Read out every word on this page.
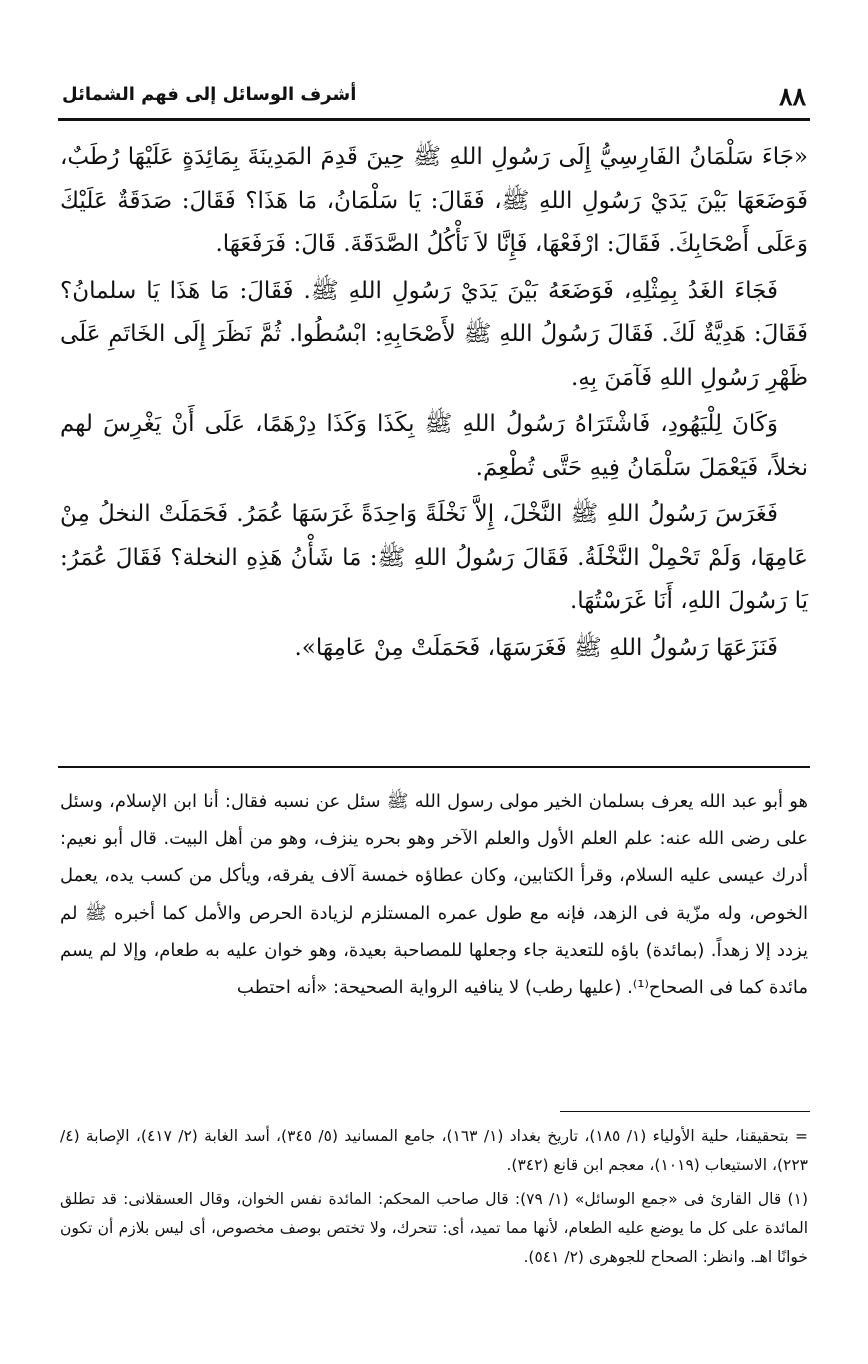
٨٨
أشرف الوسائل إلى فهم الشمائل

«جَاءَ سَلْمَانُ الفَارِسِيُّ إِلَى رَسُولِ اللهِ ﷺ حِينَ قَدِمَ المَدِينَةَ بِمَائِدَةٍ عَلَيْهَا رُطَبٌ، فَوَضَعَهَا بَيْنَ يَدَيْ رَسُولِ اللهِ ﷺ، فَقَالَ: يَا سَلْمَانُ، مَا هَذَا؟ فَقَالَ: صَدَقَةٌ عَلَيْكَ وَعَلَى أَصْحَابِكَ. فَقَالَ: ارْفَعْهَا، فَإِنَّا لاَ نَأْكُلُ الصَّدَقَةَ. قَالَ: فَرَفَعَهَا.

فَجَاءَ الغَدُ بِمِثْلِهِ، فَوَضَعَهُ بَيْنَ يَدَيْ رَسُولِ اللهِ ﷺ. فَقَالَ: مَا هَذَا يَا سلمانُ؟ فَقَالَ: هَدِيَّةٌ لَكَ. فَقَالَ رَسُولُ اللهِ ﷺ لأَصْحَابِهِ: ابْسُطُوا. ثُمَّ نَظَرَ إِلَى الخَاتَمِ عَلَى ظَهْرِ رَسُولِ اللهِ فَآمَنَ بِهِ.

وَكَانَ لِلْيَهُودِ، فَاشْتَرَاهُ رَسُولُ اللهِ ﷺ بِكَذَا وَكَذَا دِرْهَمًا، عَلَى أَنْ يَغْرِسَ لهم نخلاً، فَيَعْمَلَ سَلْمَانُ فِيهِ حَتَّى تُطْعِمَ.

فَغَرَسَ رَسُولُ اللهِ ﷺ النَّخْلَ، إِلاَّ نَخْلَةً وَاحِدَةً غَرَسَهَا عُمَرُ. فَحَمَلَتْ النخلُ مِنْ عَامِهَا، وَلَمْ تَحْمِلْ النَّخْلَةُ. فَقَالَ رَسُولُ اللهِ ﷺ: مَا شَأْنُ هَذِهِ النخلة؟ فَقَالَ عُمَرُ: يَا رَسُولَ اللهِ، أَنَا غَرَسْتُهَا.

فَنَزَعَهَا رَسُولُ اللهِ ﷺ فَغَرَسَهَا، فَحَمَلَتْ مِنْ عَامِهَا».

هو أبو عبد الله يعرف بسلمان الخير مولى رسول الله ﷺ سئل عن نسبه فقال: أنا ابن الإسلام، وسئل على رضى الله عنه: علم العلم الأول والعلم الآخر وهو بحره ينزف، وهو من أهل البيت. قال أبو نعيم: أدرك عيسى عليه السلام، وقرأ الكتابين، وكان عطاؤه خمسة آلاف يفرقه، ويأكل من كسب يده، يعمل الخوص، وله مزّية فى الزهد، فإنه مع طول عمره المستلزم لزيادة الحرص والأمل كما أخبره ﷺ لم يزدد إلا زهداً. (بمائدة) باؤه للتعدية جاء وجعلها للمصاحبة بعيدة، وهو خوان عليه به طعام، وإلا لم يسم مائدة كما فى الصحاح⁽¹⁾. (عليها رطب) لا ينافيه الرواية الصحيحة: «أنه احتطب

= بتحقيقنا، حلية الأولياء (١/ ١٨٥)، تاريخ بغداد (١/ ١٦٣)، جامع المسانيد (٥/ ٣٤٥)، أسد الغابة (٢/ ٤١٧)، الإصابة (٤/ ٢٢٣)، الاستيعاب (١٠١٩)، معجم ابن قانع (٣٤٢).

(١) قال القارئ فى «جمع الوسائل» (١/ ٧٩): قال صاحب المحكم: المائدة نفس الخوان، وقال العسقلانى: قد تطلق المائدة على كل ما يوضع عليه الطعام، لأنها مما تميد، أى: تتحرك، ولا تختص بوصف مخصوص، أى ليس بلازم أن تكون خوانًا اهـ. وانظر: الصحاح للجوهرى (٢/ ٥٤١).
